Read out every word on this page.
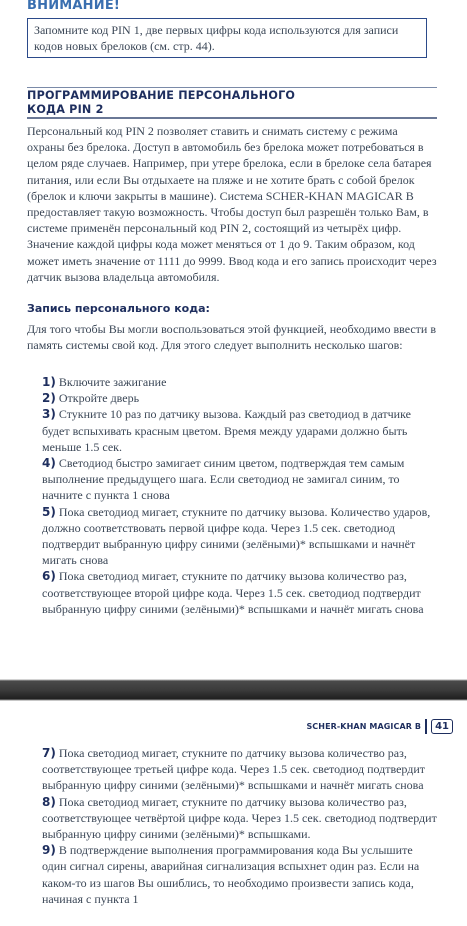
ВНИМАНИЕ!
Запомните код PIN 1, две первых цифры кода используются для записи кодов новых брелоков (см. стр. 44).
ПРОГРАММИРОВАНИЕ ПЕРСОНАЛЬНОГО
КОДА PIN 2

Персональный код PIN 2 позволяет ставить и снимать систему с режима охраны без брелока. Доступ в автомобиль без брелока может потребоваться в целом ряде случаев. Например, при утере брелока, если в брелоке села батарея питания, или если Вы отдыхаете на пляже и не хотите брать с собой брелок (брелок и ключи закрыты в машине). Система SCHER-KHAN MAGICAR B предоставляет такую возможность. Чтобы доступ был разрешён только Вам, в системе применён персональный код PIN 2, состоящий из четырёх цифр. Значение каждой цифры кода может меняться от 1 до 9. Таким образом, код может иметь значение от 1111 до 9999. Ввод кода и его запись происходит через датчик вызова владельца автомобиля.

Запись персонального кода:

Для того чтобы Вы могли воспользоваться этой функцией, необходимо ввести в память системы свой код. Для этого следует выполнить несколько шагов:

1) Включите зажигание
2) Откройте дверь
3) Стукните 10 раз по датчику вызова. Каждый раз светодиод в датчике будет вспыхивать красным цветом. Время между ударами должно быть меньше 1.5 сек.
4) Светодиод быстро замигает синим цветом, подтверждая тем самым выполнение предыдущего шага. Если светодиод не замигал синим, то начните с пункта 1 снова
5) Пока светодиод мигает, стукните по датчику вызова. Количество ударов, должно соответствовать первой цифре кода. Через 1.5 сек. светодиод подтвердит выбранную цифру синими (зелёными)* вспышками и начнёт мигать снова
6) Пока светодиод мигает, стукните по датчику вызова количество раз, соответствующее второй цифре кода. Через 1.5 сек. светодиод подтвердит выбранную цифру синими (зелёными)* вспышками и начнёт мигать снова
SCHER-KHAN MAGICAR B	41
7) Пока светодиод мигает, стукните по датчику вызова количество раз, соответствующее третьей цифре кода. Через 1.5 сек. светодиод подтвердит выбранную цифру синими (зелёными)* вспышками и начнёт мигать снова
8) Пока светодиод мигает, стукните по датчику вызова количество раз, соответствующее четвёртой цифре кода. Через 1.5 сек. светодиод подтвердит выбранную цифру синими (зелёными)* вспышками.
9) В подтверждение выполнения программирования кода Вы услышите один сигнал сирены, аварийная сигнализация вспыхнет один раз. Если на каком-то из шагов Вы ошиблись, то необходимо произвести запись кода, начиная с пункта 1
